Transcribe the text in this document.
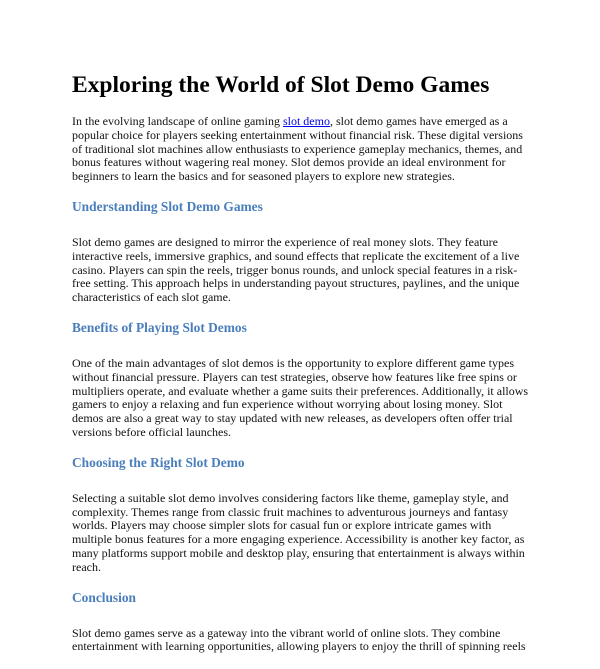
Exploring the World of Slot Demo Games

In the evolving landscape of online gaming slot demo, slot demo games have emerged as a popular choice for players seeking entertainment without financial risk. These digital versions of traditional slot machines allow enthusiasts to experience gameplay mechanics, themes, and bonus features without wagering real money. Slot demos provide an ideal environment for beginners to learn the basics and for seasoned players to explore new strategies.

Understanding Slot Demo Games

Slot demo games are designed to mirror the experience of real money slots. They feature interactive reels, immersive graphics, and sound effects that replicate the excitement of a live casino. Players can spin the reels, trigger bonus rounds, and unlock special features in a risk-free setting. This approach helps in understanding payout structures, paylines, and the unique characteristics of each slot game.

Benefits of Playing Slot Demos

One of the main advantages of slot demos is the opportunity to explore different game types without financial pressure. Players can test strategies, observe how features like free spins or multipliers operate, and evaluate whether a game suits their preferences. Additionally, it allows gamers to enjoy a relaxing and fun experience without worrying about losing money. Slot demos are also a great way to stay updated with new releases, as developers often offer trial versions before official launches.

Choosing the Right Slot Demo

Selecting a suitable slot demo involves considering factors like theme, gameplay style, and complexity. Themes range from classic fruit machines to adventurous journeys and fantasy worlds. Players may choose simpler slots for casual fun or explore intricate games with multiple bonus features for a more engaging experience. Accessibility is another key factor, as many platforms support mobile and desktop play, ensuring that entertainment is always within reach.

Conclusion

Slot demo games serve as a gateway into the vibrant world of online slots. They combine entertainment with learning opportunities, allowing players to enjoy the thrill of spinning reels
